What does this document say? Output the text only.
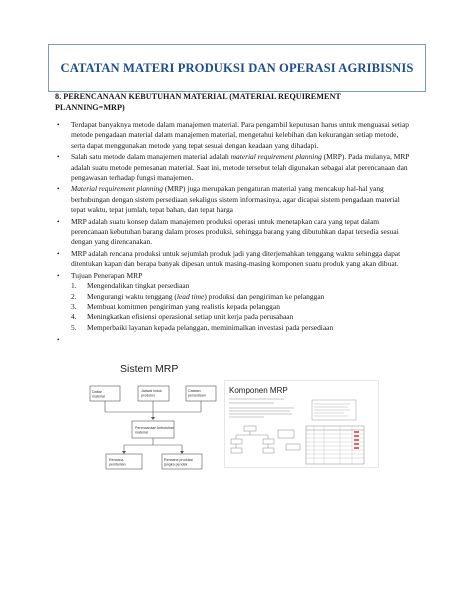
CATATAN MATERI PRODUKSI DAN OPERASI AGRIBISNIS
8. PERENCANAAN KEBUTUHAN MATERIAL (MATERIAL REQUIREMENT PLANNING=MRP)
•	Terdapat banyaknya metode dalam manajemen material. Para pengambil keputusan harus untuk menguasai setiap metode pengadaan material dalam manajemen material, mengetahui kelebihan dan kekurangan setiap metode, serta dapat menggunakan metode yang tepat sesuai dengan keadaan yang dihadapi.
•	Salah satu metode dalam manajemen material adalah material requirement planning (MRP). Pada mulanya, MRP adalah suatu metode pemesanan material. Saat ini, metode tersebut telah digunakan sebagai alat perencanaan dan pengawasan terhadap fungsi manajemen.
•	Material requirement planning (MRP) juga merupakan pengaturan material yang mencakup hal-hal yang berhubungan dengan sistem persediaan sekaligus sistem informasinya, agar dicapai sistem pengadaan material tepat waktu, tepat jumlah, tepat bahan, dan tepat harga
•	MRP adalah suatu konsep dalam manajemen produksi operasi untuk menetapkan cara yang tepat dalam perencanaan kebutuhan barang dalam proses produksi, sehingga barang yang dibutuhkan dapat tersedia sesuai dengan yang direncanakan.
•	MRP adalah rencana produksi untuk sejumlah produk jadi yang diterjemahkan tenggang waktu sehingga dapat ditentukan kapan dan berapa banyak dipesan untuk masing-masing komponen suatu produk yang akan dibuat.
•	Tujuan Penerapan MRP
1.	Mengendalikan tingkat persediaan
2.	Mengurangi waktu tenggang (lead time) produksi dan pengiriman ke pelanggan
3.	Membuat komitmen pengiriman yang realistis kepada pelanggan
4.	Meningkatkan efisiensi operasional setiap unit kerja pada perusahaan
5.	Memperbaiki layanan kepada pelanggan, meminimalkan investasi pada persediaan
•
Sistem MRP
Daftar material
Jadwal induk produksi
Catatan persediaan
Perencanaan kebutuhan material
Rencana pembelian
Rencana produksi jangka pendek
Komponen MRP
